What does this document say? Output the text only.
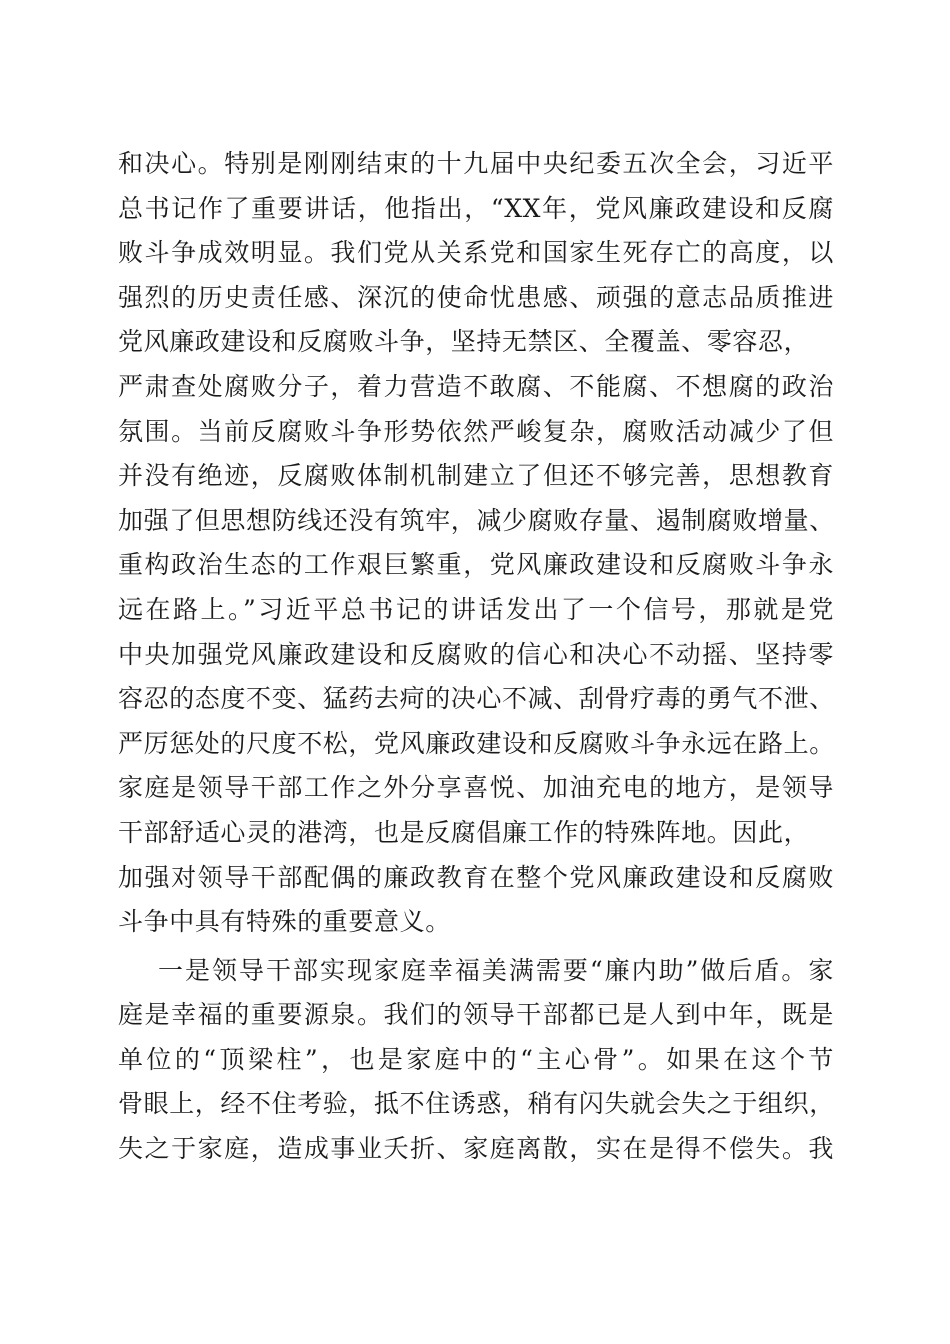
和决心。特别是刚刚结束的十九届中央纪委五次全会，习近平
总书记作了重要讲话，他指出，“XX年，党风廉政建设和反腐
败斗争成效明显。我们党从关系党和国家生死存亡的高度，以
强烈的历史责任感、深沉的使命忧患感、顽强的意志品质推进
党风廉政建设和反腐败斗争，坚持无禁区、全覆盖、零容忍，
严肃查处腐败分子，着力营造不敢腐、不能腐、不想腐的政治
氛围。当前反腐败斗争形势依然严峻复杂，腐败活动减少了但
并没有绝迹，反腐败体制机制建立了但还不够完善，思想教育
加强了但思想防线还没有筑牢，减少腐败存量、遏制腐败增量、
重构政治生态的工作艰巨繁重，党风廉政建设和反腐败斗争永
远在路上。”习近平总书记的讲话发出了一个信号，那就是党
中央加强党风廉政建设和反腐败的信心和决心不动摇、坚持零
容忍的态度不变、猛药去疴的决心不减、刮骨疗毒的勇气不泄、
严厉惩处的尺度不松，党风廉政建设和反腐败斗争永远在路上。
家庭是领导干部工作之外分享喜悦、加油充电的地方，是领导
干部舒适心灵的港湾，也是反腐倡廉工作的特殊阵地。因此，
加强对领导干部配偶的廉政教育在整个党风廉政建设和反腐败
斗争中具有特殊的重要意义。
一是领导干部实现家庭幸福美满需要“廉内助”做后盾。家
庭是幸福的重要源泉。我们的领导干部都已是人到中年，既是
单位的“顶梁柱”，也是家庭中的“主心骨”。如果在这个节
骨眼上，经不住考验，抵不住诱惑，稍有闪失就会失之于组织，
失之于家庭，造成事业夭折、家庭离散，实在是得不偿失。我
